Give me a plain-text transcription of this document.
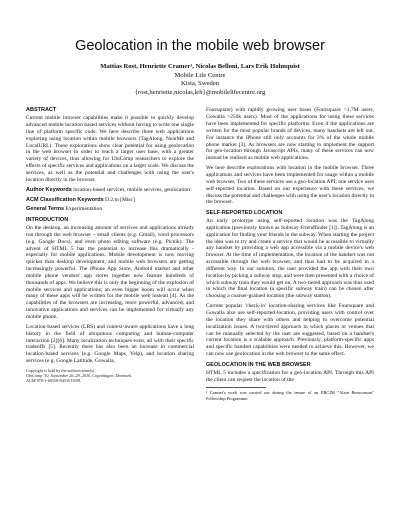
Geolocation in the mobile web browser
Mattias Rost, Henriette Cramer¹, Nicolas Belloni, Lars Erik Holmquist
Mobile Life Centre
Kista, Sweden
{rost,henriette,nicolas,leh}@mobilelifecentre.org
ABSTRACT

Current mobile browser capabilities make it possible to quickly develop advanced mobile location based services without having to write one single line of platform specific code. We here describe three web applications exploring using location within mobile browsers (TagAlong, NearMe and LocalURL). These explorations show clear potential for using geolocation in the web browser in order to reach a larger user base, with a greater variety of devices, thus allowing for UbiComp researchers to explore the effects of specific services and applications on a larger scale. We discuss the services, as well as the potential and challenges with using the user's location directly in the browser.

Author Keywords location-based services, mobile services, geolocation

ACM Classification Keywords D.2.m [Misc]

General Terms Experimentation

INTRODUCTION

On the desktop, an increasing amount of services and applications already run through the web browser – email clients (e.g. Gmail), word processors (e.g. Google Docs), and even photo editing software (e.g. Picnik). The advent of HTML 5 has the potential to increase this dramatically - especially for mobile applications. Mobile development is now moving quicker than desktop development, and mobile web browsers are getting increasingly powerful. The iPhone App Store, Android market and other mobile phone vendors' app stores together now feature hundreds of thousands of apps. We believe this is only the beginning of the explosion of mobile services and applications; an even bigger boom will occur when many of these apps will be written for the mobile web instead [4]. As the capabilities of the browsers are increasing, more powerful, advanced, and innovative applications and services can be implemented for virtually any mobile phone.

Location-based services (LBS) and context-aware applications have a long history in the field of ubiquitous computing and human-computer interaction [2][6]. Many localization techniques exist, all with their specific tradeoffs [5]. Recently there has also been an increase in commercial location-based services (e.g. Google Maps, Yelp), and location sharing services (e.g. Google Latitude, Gowalla,

Copyright is held by the author/owner(s).
UbiComp '10, September 26–29, 2010, Copenhagen, Denmark.
ACM 978-1-60558-843-8/10/09.

Foursquare) with rapidly growing user bases (Foursquare >1.7M users, Gowalla >250k users). Most of the applications for using these services have been implemented for specific platforms. Even if the applications are written for the most popular brands of devices, many handsets are left out. For instance the iPhone still only accounts for 3% of the whole mobile phone market [3]. As browsers are now starting to implement the support for geo-location through Javascript APIs, many of these services can now instead be realised as mobile web applications.

We here describe explorations with location in the mobile browser. Three applications and services have been implemented for usage within a mobile web browser. Two of these services use a geo-location API; one service uses self-reported location. Based on our experience with these services, we discuss the potential and challenges with using the user's location directly in the browser.

SELF-REPORTED LOCATION

An early prototype using self-reported location was the TagAlong application (previously known as Subway Friendfinder [1]). TagAlong is an application for finding your friends in the subway. When starting the project the idea was to try and create a service that would be accessible to virtually any handset by providing a web app accessible via a mobile device's web browser. At the time of implementation, the location of the handset was not accessible through the web browser, and thus had to be acquired in a different way. In our solution, the user provided the app with their own location by picking a subway stop, and were then presented with a choice of which subway train they would get on. A two-tiered approach was thus used in which the final location (a specific subway train) can be chosen after choosing a coarser-grained location (the subway station).

Current popular 'check-in' location-sharing services like Foursquare and Gowalla also use self-reported location, providing users with control over the location they share with others and helping to overcome potential localization issues. A two-tiered approach in which places or venues that can be manually selected by the user are suggested, based on a handset's current location is a scalable approach. Previously, platform-specific apps and specific handset capabilities were needed to achieve this. However, we can now use geolocation in the web browser to the same effect.

GEOLOCATION IN THE WEB BROWSER

HTML 5 includes a specification for a geo-location API. Through this API the client can request the location of the

¹ Cramer's work was carried out during the tenure of an ERCIM "Alain Bensoussan" Fellowship Programme.
